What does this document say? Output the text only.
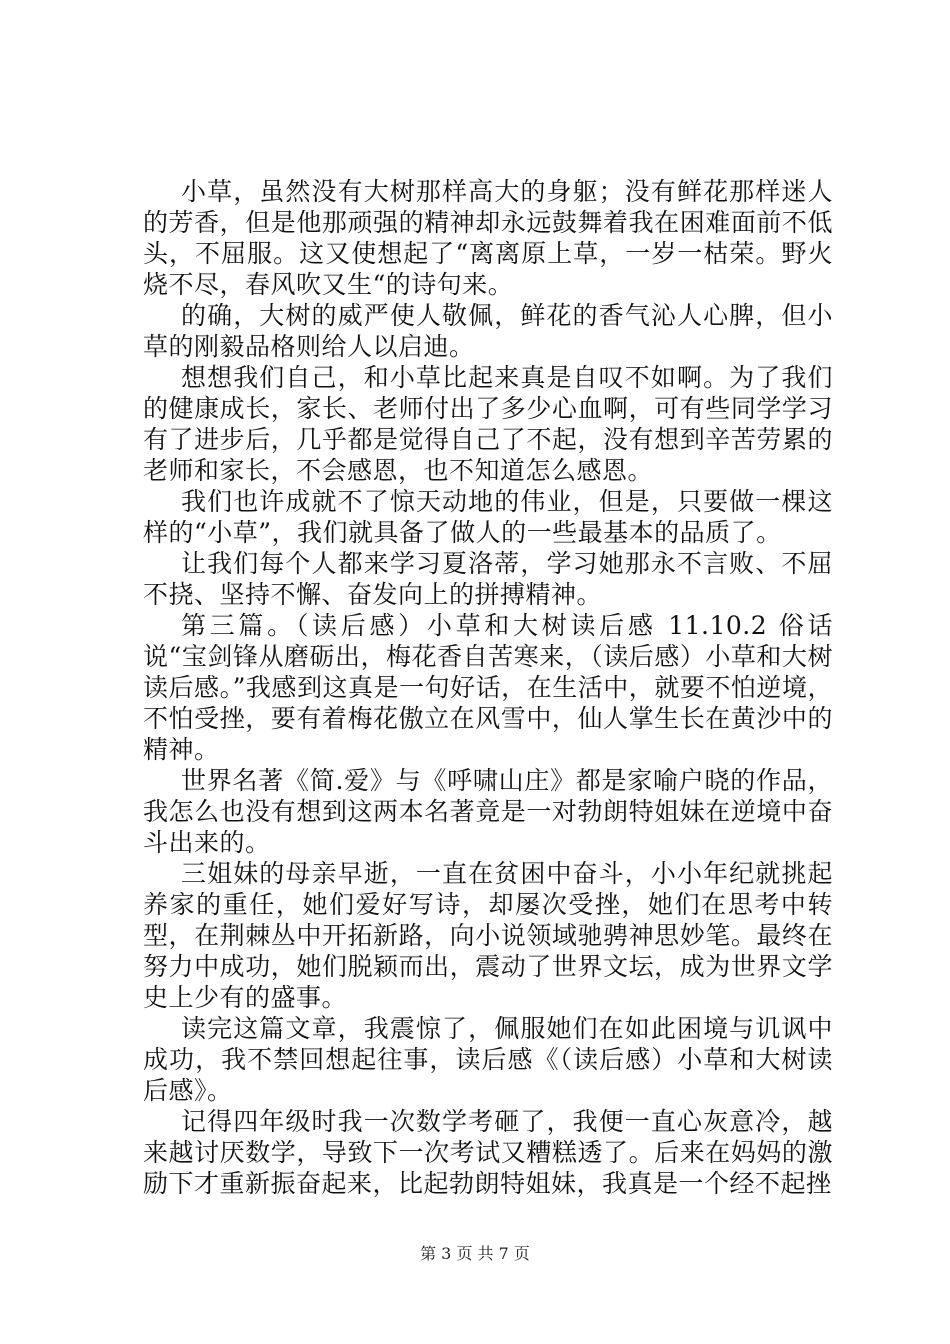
小草，虽然没有大树那样高大的身躯；没有鲜花那样迷人的芳香，但是他那顽强的精神却永远鼓舞着我在困难面前不低头，不屈服。这又使想起了“离离原上草，一岁一枯荣。野火烧不尽，春风吹又生“的诗句来。

的确，大树的威严使人敬佩，鲜花的香气沁人心脾，但小草的刚毅品格则给人以启迪。

想想我们自己，和小草比起来真是自叹不如啊。为了我们的健康成长，家长、老师付出了多少心血啊，可有些同学学习有了进步后，几乎都是觉得自己了不起，没有想到辛苦劳累的老师和家长，不会感恩，也不知道怎么感恩。

我们也许成就不了惊天动地的伟业，但是，只要做一棵这样的“小草”，我们就具备了做人的一些最基本的品质了。

让我们每个人都来学习夏洛蒂，学习她那永不言败、不屈不挠、坚持不懈、奋发向上的拼搏精神。

第三篇。（读后感）小草和大树读后感 11.10.2 俗话说“宝剑锋从磨砺出，梅花香自苦寒来，（读后感）小草和大树读后感。”我感到这真是一句好话，在生活中，就要不怕逆境，不怕受挫，要有着梅花傲立在风雪中，仙人掌生长在黄沙中的精神。

世界名著《简.爱》与《呼啸山庄》都是家喻户晓的作品，我怎么也没有想到这两本名著竟是一对勃朗特姐妹在逆境中奋斗出来的。

三姐妹的母亲早逝，一直在贫困中奋斗，小小年纪就挑起养家的重任，她们爱好写诗，却屡次受挫，她们在思考中转型，在荆棘丛中开拓新路，向小说领域驰骋神思妙笔。最终在努力中成功，她们脱颖而出，震动了世界文坛，成为世界文学史上少有的盛事。

读完这篇文章，我震惊了，佩服她们在如此困境与讥讽中成功，我不禁回想起往事，读后感《（读后感）小草和大树读后感》。

记得四年级时我一次数学考砸了，我便一直心灰意冷，越来越讨厌数学，导致下一次考试又糟糕透了。后来在妈妈的激励下才重新振奋起来，比起勃朗特姐妹，我真是一个经不起挫

第 3 页 共 7 页
